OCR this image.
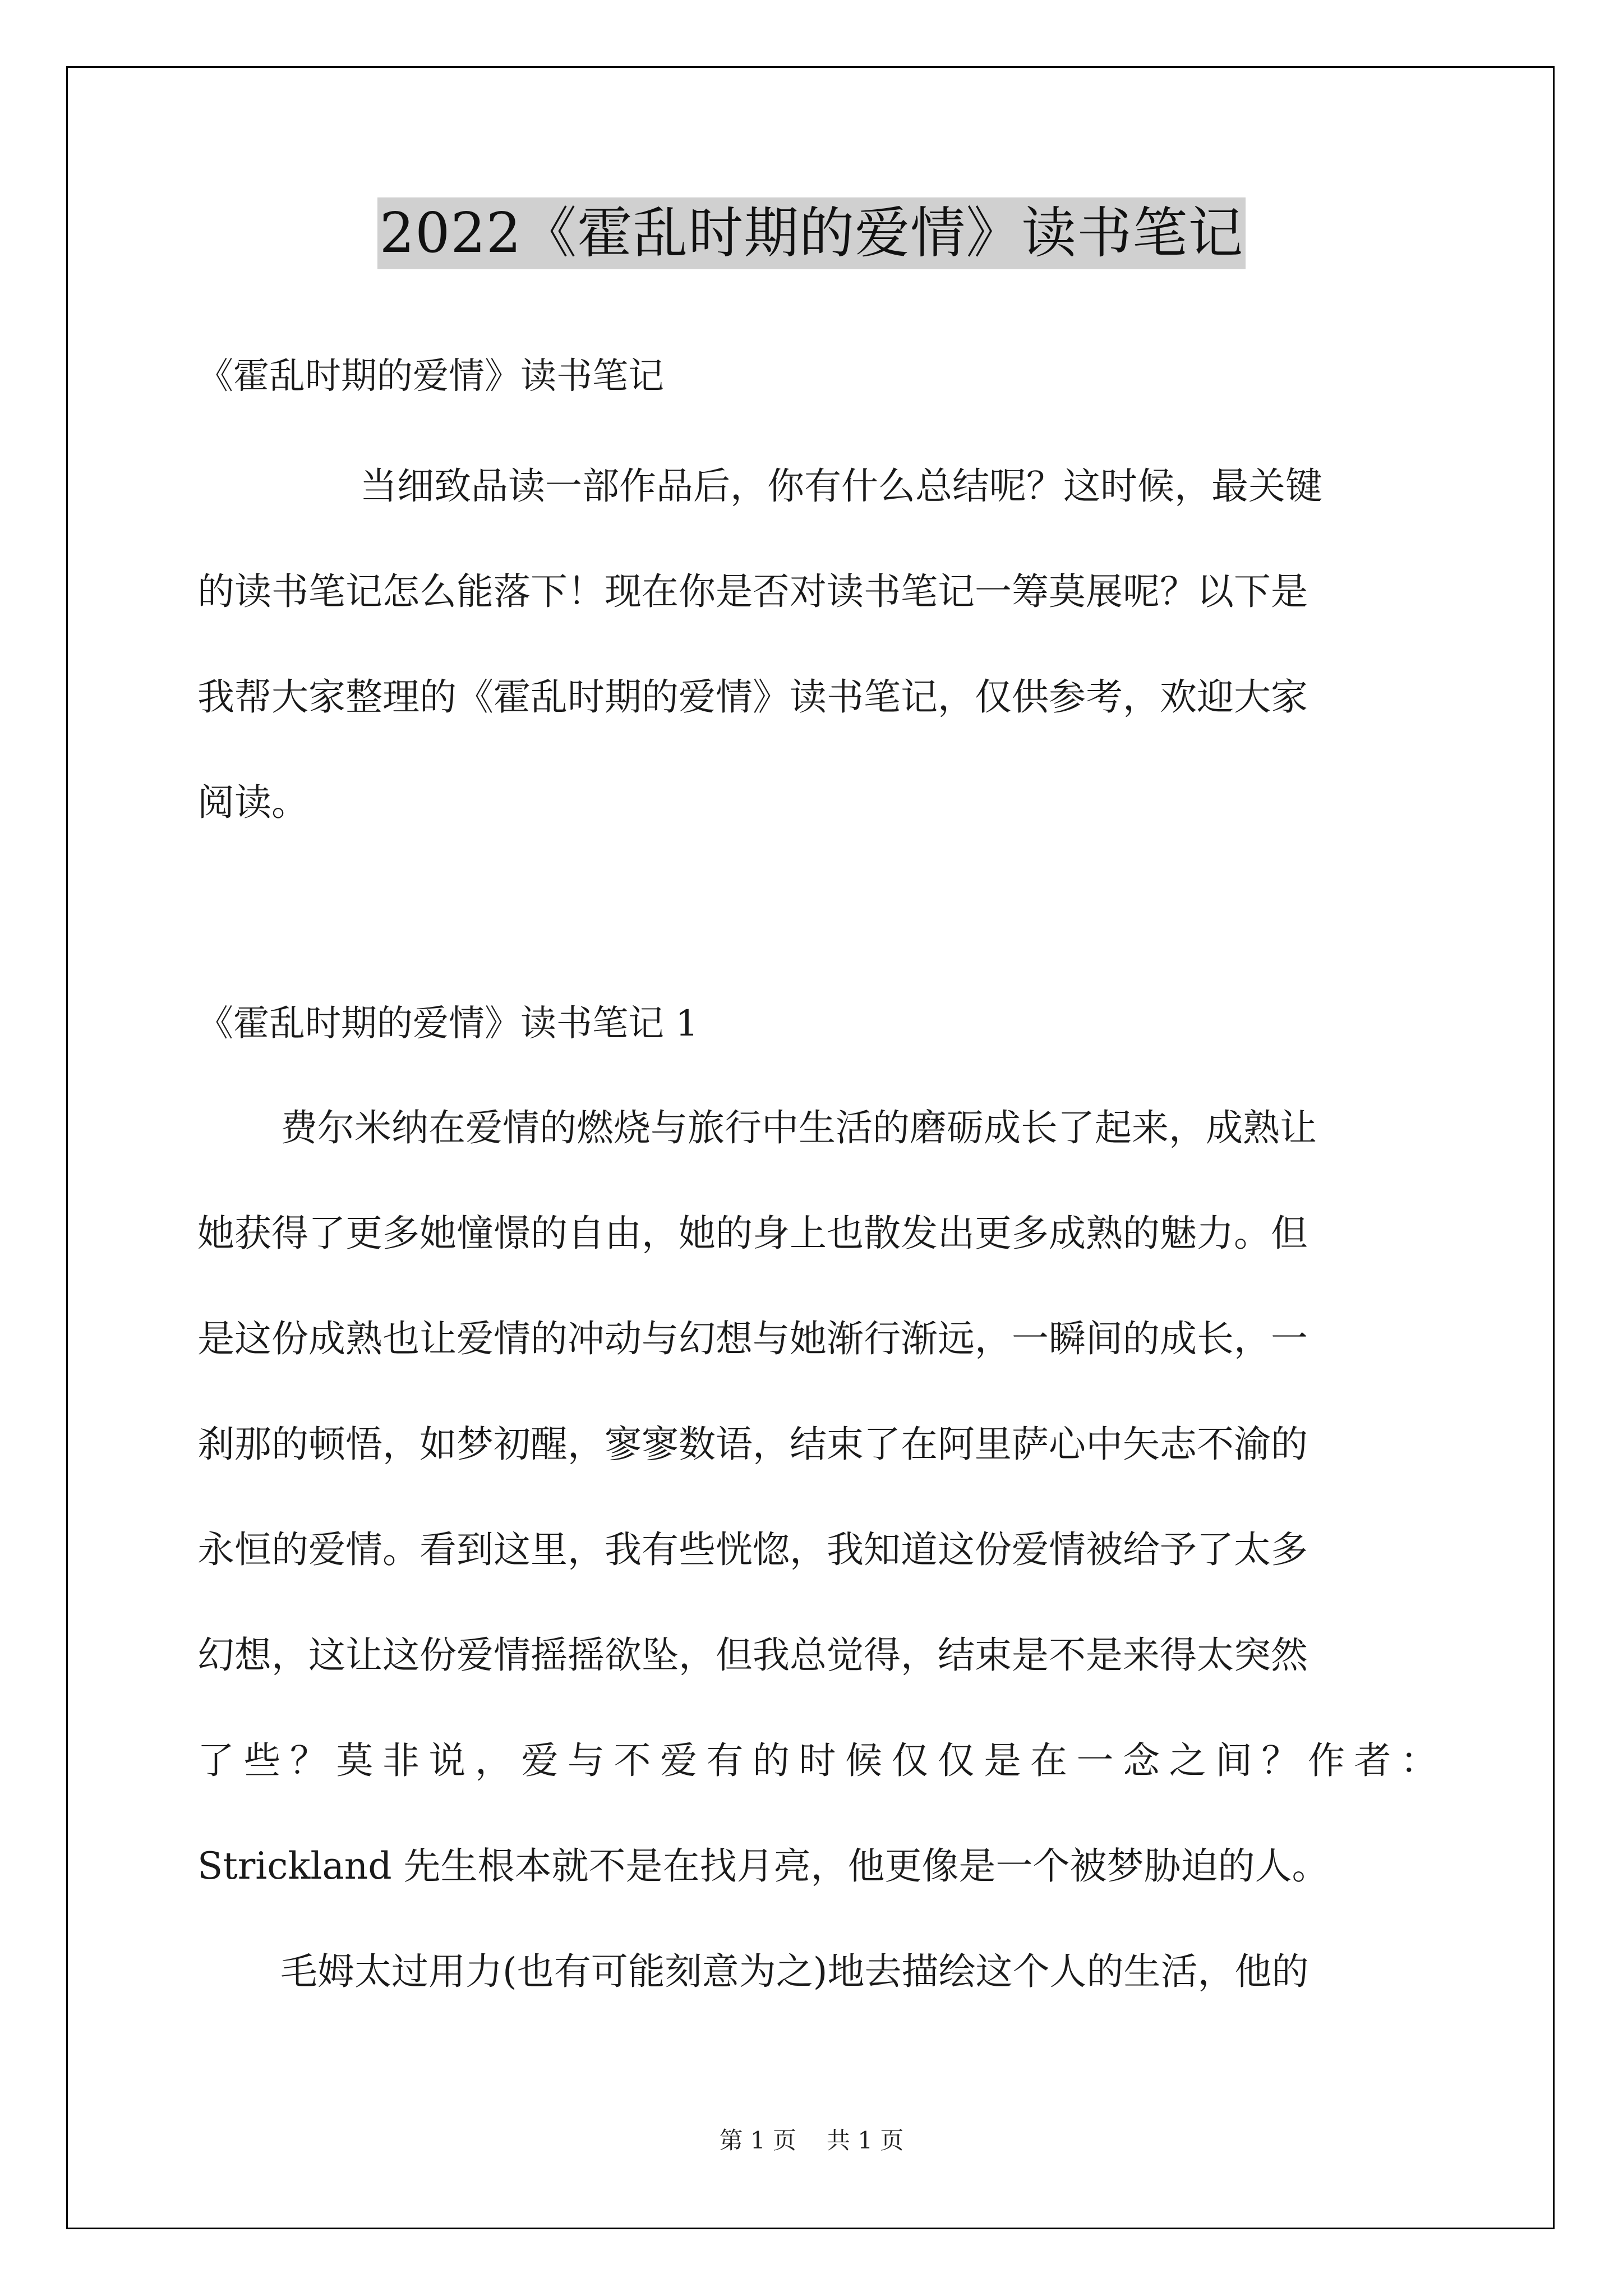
2022《霍乱时期的爱情》读书笔记
《霍乱时期的爱情》读书笔记
当细致品读一部作品后，你有什么总结呢？这时候，最关键
的读书笔记怎么能落下！现在你是否对读书笔记一筹莫展呢？以下是
我帮大家整理的《霍乱时期的爱情》读书笔记，仅供参考，欢迎大家
阅读。
《霍乱时期的爱情》读书笔记 1
费尔米纳在爱情的燃烧与旅行中生活的磨砺成长了起来，成熟让
她获得了更多她憧憬的自由，她的身上也散发出更多成熟的魅力。但
是这份成熟也让爱情的冲动与幻想与她渐行渐远，一瞬间的成长，一
刹那的顿悟，如梦初醒，寥寥数语，结束了在阿里萨心中矢志不渝的
永恒的爱情。看到这里，我有些恍惚，我知道这份爱情被给予了太多
幻想，这让这份爱情摇摇欲坠，但我总觉得，结束是不是来得太突然
了些？莫非说，爱与不爱有的时候仅仅是在一念之间？作者：
Strickland 先生根本就不是在找月亮，他更像是一个被梦胁迫的人。
毛姆太过用力(也有可能刻意为之)地去描绘这个人的生活，他的
第 1 页 共 1 页
